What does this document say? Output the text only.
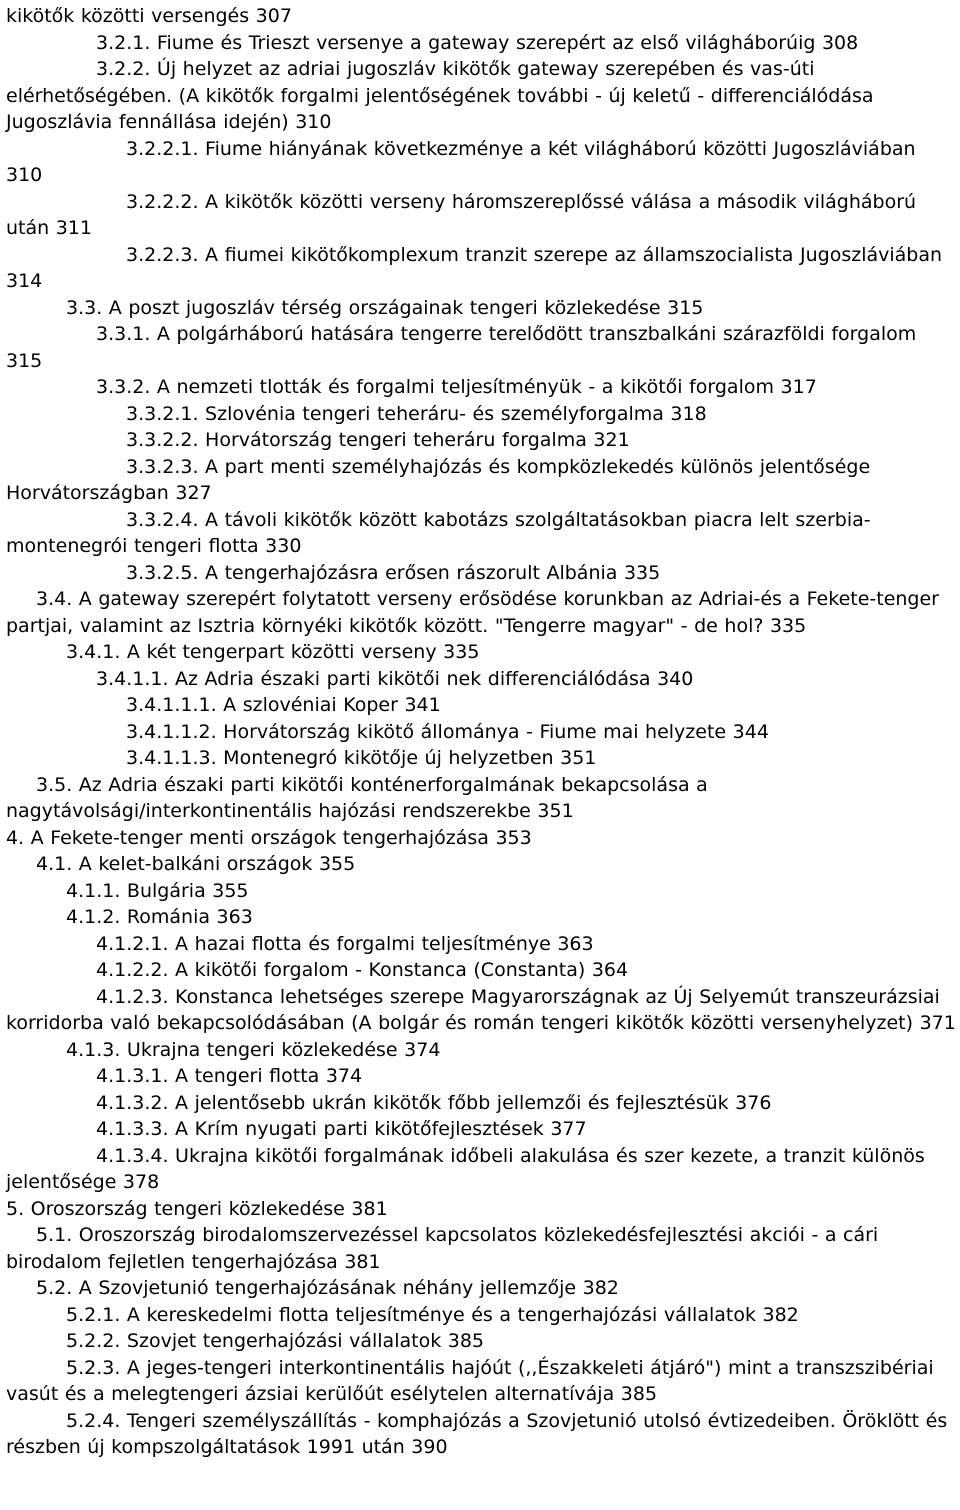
kikötők közötti versengés 307

3.2.1. Fiume és Trieszt versenye a gateway szerepért az első világháborúig 308

3.2.2. Új helyzet az adriai jugoszláv kikötők gateway szerepében és vas-úti elérhetőségében. (A kikötők forgalmi jelentőségének további - új keletű - differenciálódása Jugoszlávia fennállása idején) 310

3.2.2.1. Fiume hiányának következménye a két világháború közötti Jugoszláviában 310

3.2.2.2. A kikötők közötti verseny háromszereplőssé válása a második világháború után 311

3.2.2.3. A fiumei kikötőkomplexum tranzit szerepe az államszocialista Jugoszláviában 314

3.3. A poszt jugoszláv térség országainak tengeri közlekedése 315

3.3.1. A polgárháború hatására tengerre terelődött transzbalkáni szárazföldi forgalom 315

3.3.2. A nemzeti tlották és forgalmi teljesítményük - a kikötői forgalom 317

3.3.2.1. Szlovénia tengeri teheráru- és személyforgalma 318

3.3.2.2. Horvátország tengeri teheráru forgalma 321

3.3.2.3. A part menti személyhajózás és kompközlekedés különös jelentősége Horvátországban 327

3.3.2.4. A távoli kikötők között kabotázs szolgáltatásokban piacra lelt szerbia-montenegrói tengeri flotta 330

3.3.2.5. A tengerhajózásra erősen rászorult Albánia 335

3.4. A gateway szerepért folytatott verseny erősödése korunkban az Adriai-és a Fekete-tenger partjai, valamint az Isztria környéki kikötők között. "Tengerre magyar" - de hol? 335

3.4.1. A két tengerpart közötti verseny 335

3.4.1.1. Az Adria északi parti kikötői nek differenciálódása 340

3.4.1.1.1. A szlovéniai Koper 341

3.4.1.1.2. Horvátország kikötő állománya - Fiume mai helyzete 344

3.4.1.1.3. Montenegró kikötője új helyzetben 351

3.5. Az Adria északi parti kikötői konténerforgalmának bekapcsolása a nagytávolsági/interkontinentális hajózási rendszerekbe 351

4. A Fekete-tenger menti országok tengerhajózása 353

4.1. A kelet-balkáni országok 355

4.1.1. Bulgária 355

4.1.2. Románia 363

4.1.2.1. A hazai flotta és forgalmi teljesítménye 363

4.1.2.2. A kikötői forgalom - Konstanca (Constanta) 364

4.1.2.3. Konstanca lehetséges szerepe Magyarországnak az Új Selyemút transzeurázsiai korridorba való bekapcsolódásában (A bolgár és román tengeri kikötők közötti versenyhelyzet) 371

4.1.3. Ukrajna tengeri közlekedése 374

4.1.3.1. A tengeri flotta 374

4.1.3.2. A jelentősebb ukrán kikötők főbb jellemzői és fejlesztésük 376

4.1.3.3. A Krím nyugati parti kikötőfejlesztések 377

4.1.3.4. Ukrajna kikötői forgalmának időbeli alakulása és szer kezete, a tranzit különös jelentősége 378

5. Oroszország tengeri közlekedése 381

5.1. Oroszország birodalomszervezéssel kapcsolatos közlekedésfejlesztési akciói - a cári birodalom fejletlen tengerhajózása 381

5.2. A Szovjetunió tengerhajózásának néhány jellemzője 382

5.2.1. A kereskedelmi flotta teljesítménye és a tengerhajózási vállalatok 382

5.2.2. Szovjet tengerhajózási vállalatok 385

5.2.3. A jeges-tengeri interkontinentális hajóút (,,Északkeleti átjáró") mint a transzszibériai vasút és a melegtengeri ázsiai kerülőút esélytelen alternatívája 385

5.2.4. Tengeri személyszállítás - komphajózás a Szovjetunió utolsó évtizedeiben. Öröklött és részben új kompszolgáltatások 1991 után 390
